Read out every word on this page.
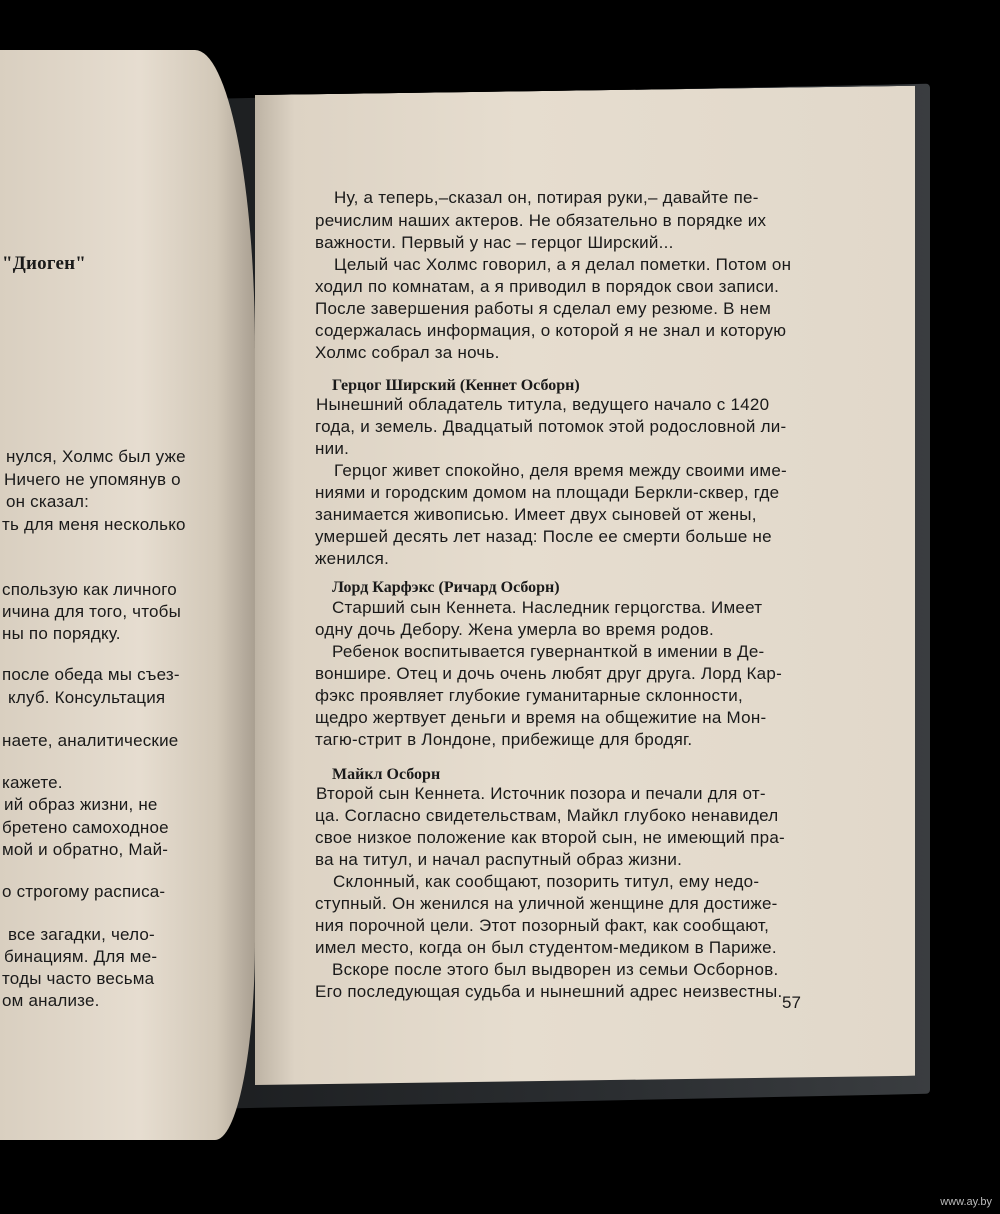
"Диоген"
нулся, Холмс был уже
Ничего не упомянув о
он сказал:
ть для меня несколько
спользую как личного
ичина для того, чтобы
ны по порядку.
после обеда мы съез-
клуб. Консультация
наете, аналитические
кажете.
ий образ жизни, не
бретено самоходное
мой и обратно, Май-
о строгому расписа-
все загадки, чело-
бинациям. Для ме-
тоды часто весьма
ом анализе.
Ну, а теперь,–сказал он, потирая руки,– давайте пе-
речислим наших актеров. Не обязательно в порядке их
важности. Первый у нас – герцог Ширский...
Целый час Холмс говорил, а я делал пометки. Потом он
ходил по комнатам, а я приводил в порядок свои записи.
После завершения работы я сделал ему резюме. В нем
содержалась информация, о которой я не знал и которую
Холмс собрал за ночь.
Герцог Ширский (Кеннет Осборн)
Нынешний обладатель титула, ведущего начало с 1420
года, и земель. Двадцатый потомок этой родословной ли-
нии.
Герцог живет спокойно, деля время между своими име-
ниями и городским домом на площади Беркли-сквер, где
занимается живописью. Имеет двух сыновей от жены,
умершей десять лет назад: После ее смерти больше не
женился.
Лорд Карфэкс (Ричард Осборн)
Старший сын Кеннета. Наследник герцогства. Имеет
одну дочь Дебору. Жена умерла во время родов.
Ребенок воспитывается гувернанткой в имении в Де-
воншире. Отец и дочь очень любят друг друга. Лорд Кар-
фэкс проявляет глубокие гуманитарные склонности,
щедро жертвует деньги и время на общежитие на Мон-
тагю-стрит в Лондоне, прибежище для бродяг.
Майкл Осборн
Второй сын Кеннета. Источник позора и печали для от-
ца. Согласно свидетельствам, Майкл глубоко ненавидел
свое низкое положение как второй сын, не имеющий пра-
ва на титул, и начал распутный образ жизни.
Склонный, как сообщают, позорить титул, ему недо-
ступный. Он женился на уличной женщине для достиже-
ния порочной цели. Этот позорный факт, как сообщают,
имел место, когда он был студентом-медиком в Париже.
Вскоре после этого был выдворен из семьи Осборнов.
Его последующая судьба и нынешний адрес неизвестны.
57
www.ay.by
